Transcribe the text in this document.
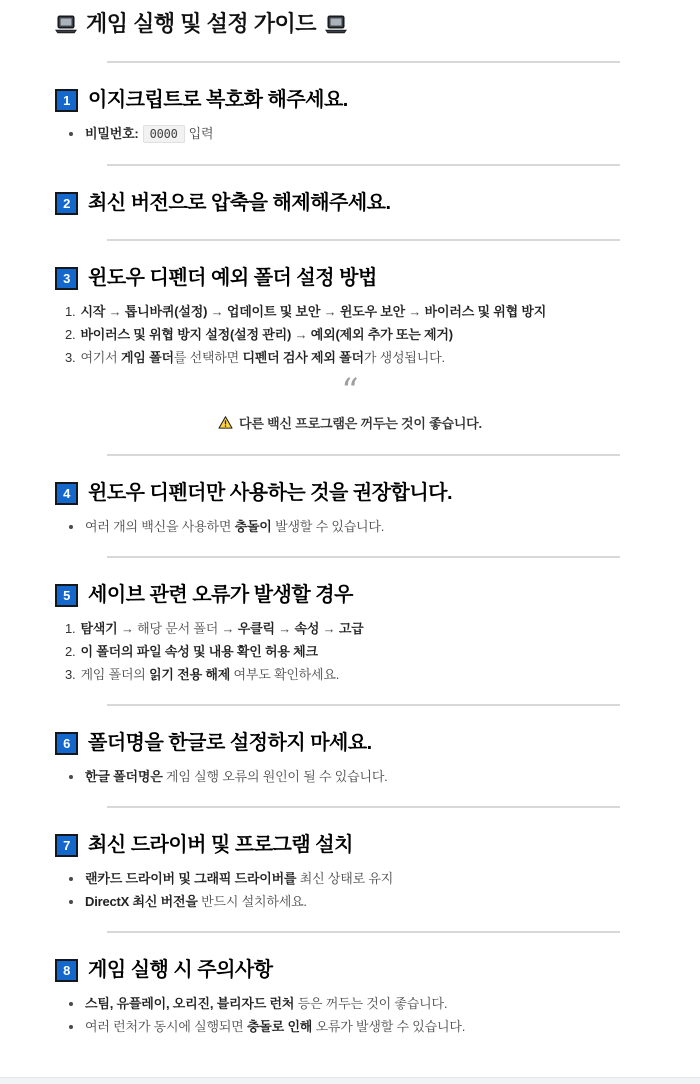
게임 실행 및 설정 가이드
1 이지크립트로 복호화 해주세요.
비밀번호: 0000 입력
2 최신 버전으로 압축을 해제해주세요.
3 윈도우 디펜더 예외 폴더 설정 방법
1. 시작 → 톱니바퀴(설정) → 업데이트 및 보안 → 윈도우 보안 → 바이러스 및 위협 방지
2. 바이러스 및 위협 방지 설정(설정 관리) → 예외(제외 추가 또는 제거)
3. 여기서 게임 폴더를 선택하면 디펜더 검사 제외 폴더가 생성됩니다.
“
다른 백신 프로그램은 꺼두는 것이 좋습니다.
4 윈도우 디펜더만 사용하는 것을 권장합니다.
여러 개의 백신을 사용하면 충돌이 발생할 수 있습니다.
5 세이브 관련 오류가 발생할 경우
1. 탐색기 → 해당 문서 폴더 → 우클릭 → 속성 → 고급
2. 이 폴더의 파일 속성 및 내용 확인 허용 체크
3. 게임 폴더의 읽기 전용 해제 여부도 확인하세요.
6 폴더명을 한글로 설정하지 마세요.
한글 폴더명은 게임 실행 오류의 원인이 될 수 있습니다.
7 최신 드라이버 및 프로그램 설치
랜카드 드라이버 및 그래픽 드라이버를 최신 상태로 유지
DirectX 최신 버전을 반드시 설치하세요.
8 게임 실행 시 주의사항
스팀, 유플레이, 오리진, 블리자드 런처 등은 꺼두는 것이 좋습니다.
여러 런처가 동시에 실행되면 충돌로 인해 오류가 발생할 수 있습니다.
